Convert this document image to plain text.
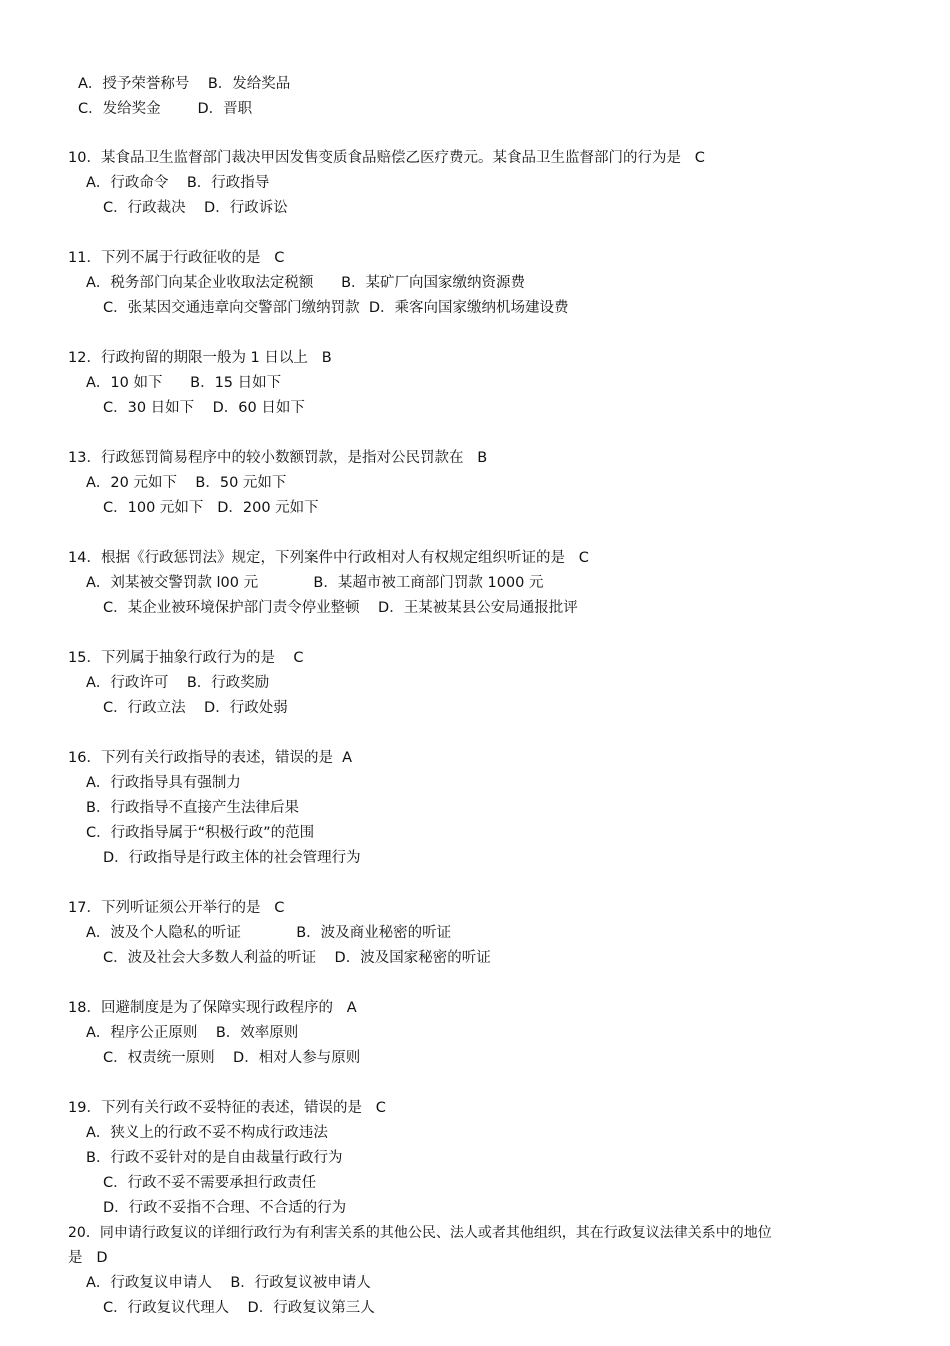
A．授予荣誉称号    B．发给奖品
C．发给奖金        D．晋职
10．某食品卫生监督部门裁决甲因发售变质食品赔偿乙医疗费元。某食品卫生监督部门的行为是   C
A．行政命令    B．行政指导
C．行政裁决    D．行政诉讼
11．下列不属于行政征收的是   C
A．税务部门向某企业收取法定税额      B．某矿厂向国家缴纳资源费
C．张某因交通违章向交警部门缴纳罚款  D．乘客向国家缴纳机场建设费
12．行政拘留的期限一般为 1 日以上   B
A．10 如下      B．15 日如下
C．30 日如下    D．60 日如下
13．行政惩罚简易程序中的较小数额罚款，是指对公民罚款在   B
A．20 元如下    B．50 元如下
C．100 元如下   D．200 元如下
14．根据《行政惩罚法》规定，下列案件中行政相对人有权规定组织听证的是   C
A．刘某被交警罚款 l00 元            B．某超市被工商部门罚款 1000 元
C．某企业被环境保护部门责令停业整顿    D．王某被某县公安局通报批评
15．下列属于抽象行政行为的是    C
A．行政许可    B．行政奖励
C．行政立法    D．行政处弱
16．下列有关行政指导的表述，错误的是  A
A．行政指导具有强制力
B．行政指导不直接产生法律后果
C．行政指导属于“积极行政”的范围
D．行政指导是行政主体的社会管理行为
17．下列听证须公开举行的是   C
A．波及个人隐私的听证            B．波及商业秘密的听证
C．波及社会大多数人利益的听证    D．波及国家秘密的听证
18．回避制度是为了保障实现行政程序的   A
A．程序公正原则    B．效率原则
C．权责统一原则    D．相对人参与原则
19．下列有关行政不妥特征的表述，错误的是   C
A．狭义上的行政不妥不构成行政违法
B．行政不妥针对的是自由裁量行政行为
C．行政不妥不需要承担行政责任
D．行政不妥指不合理、不合适的行为
20．同申请行政复议的详细行政行为有利害关系的其他公民、法人或者其他组织，其在行政复议法律关系中的地位
是   D
A．行政复议申请人    B．行政复议被申请人
C．行政复议代理人    D．行政复议第三人
